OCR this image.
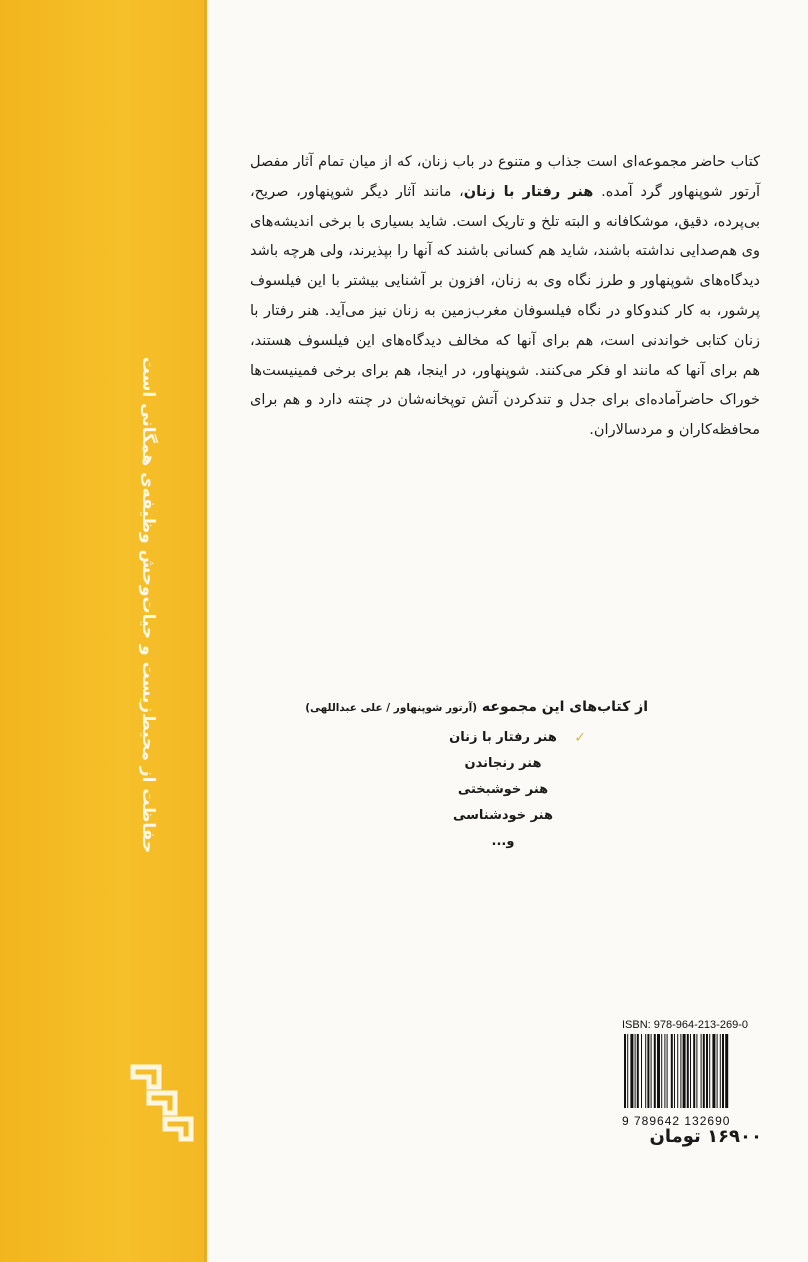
حفاظت از محیط‌زیست و حیات‌وحش وظیفه‌ی همگانی است

کتاب حاضر مجموعه‌ای است جذاب و متنوع در باب زنان، که از میان تمام آثار مفصل آرتور شوپنهاور گرد آمده. هنر رفتار با زنان، مانند آثار دیگر شوپنهاور، صریح، بی‌پرده، دقیق، موشکافانه و البته تلخ و تاریک است. شاید بسیاری با برخی اندیشه‌های وی هم‌صدایی نداشته باشند، شاید هم کسانی باشند که آنها را بپذیرند، ولی هرچه باشد دیدگاه‌های شوپنهاور و طرز نگاه وی به زنان، افزون بر آشنایی بیشتر با این فیلسوف پرشور، به کار کندوکاو در نگاه فیلسوفان مغرب‌زمین به زنان نیز می‌آید. هنر رفتار با زنان کتابی خواندنی است، هم برای آنها که مخالف دیدگاه‌های این فیلسوف هستند، هم برای آنها که مانند او فکر می‌کنند. شوپنهاور، در اینجا، هم برای برخی فمینیست‌ها خوراک حاضرآماده‌ای برای جدل و تندکردن آتش توپخانه‌شان در چنته دارد و هم برای محافظه‌کاران و مردسالاران.

از کتاب‌های این مجموعه (آرتور شوپنهاور / علی عبداللهی)
✓
هنر رفتار با زنان
هنر رنجاندن
هنر خوشبختی
هنر خودشناسی
و...
ISBN: 978-964-213-269-0
9 789642 132690
۱۶۹۰۰ تومان
